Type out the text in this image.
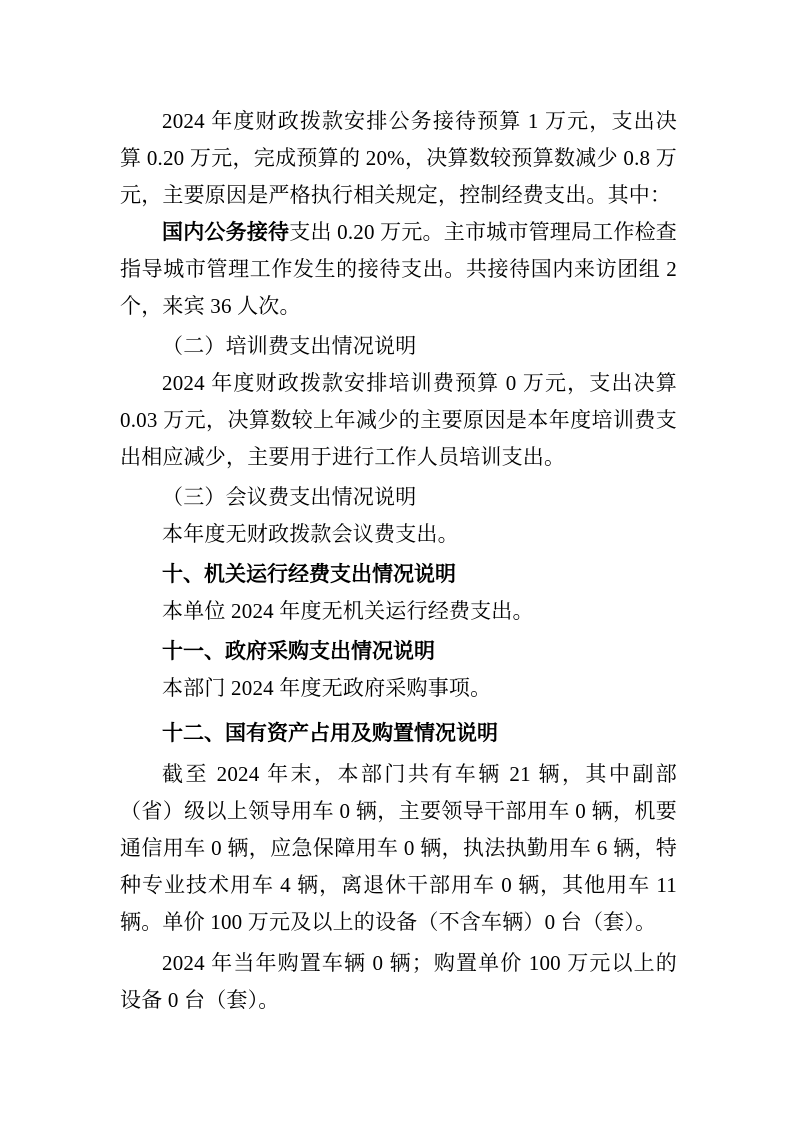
2024 年度财政拨款安排公务接待预算 1 万元，支出决算 0.20 万元，完成预算的 20%，决算数较预算数减少 0.8 万元，主要原因是严格执行相关规定，控制经费支出。其中：

国内公务接待支出 0.20 万元。主市城市管理局工作检查指导城市管理工作发生的接待支出。共接待国内来访团组 2 个，来宾 36 人次。

（二）培训费支出情况说明

2024 年度财政拨款安排培训费预算 0 万元，支出决算 0.03 万元，决算数较上年减少的主要原因是本年度培训费支出相应减少，主要用于进行工作人员培训支出。

（三）会议费支出情况说明

本年度无财政拨款会议费支出。

十、机关运行经费支出情况说明

本单位 2024 年度无机关运行经费支出。

十一、政府采购支出情况说明

本部门 2024 年度无政府采购事项。

十二、国有资产占用及购置情况说明

截至 2024 年末，本部门共有车辆 21 辆，其中副部（省）级以上领导用车 0 辆，主要领导干部用车 0 辆，机要通信用车 0 辆，应急保障用车 0 辆，执法执勤用车 6 辆，特种专业技术用车 4 辆，离退休干部用车 0 辆，其他用车 11 辆。单价 100 万元及以上的设备（不含车辆）0 台（套）。

2024 年当年购置车辆 0 辆；购置单价 100 万元以上的设备 0 台（套）。
